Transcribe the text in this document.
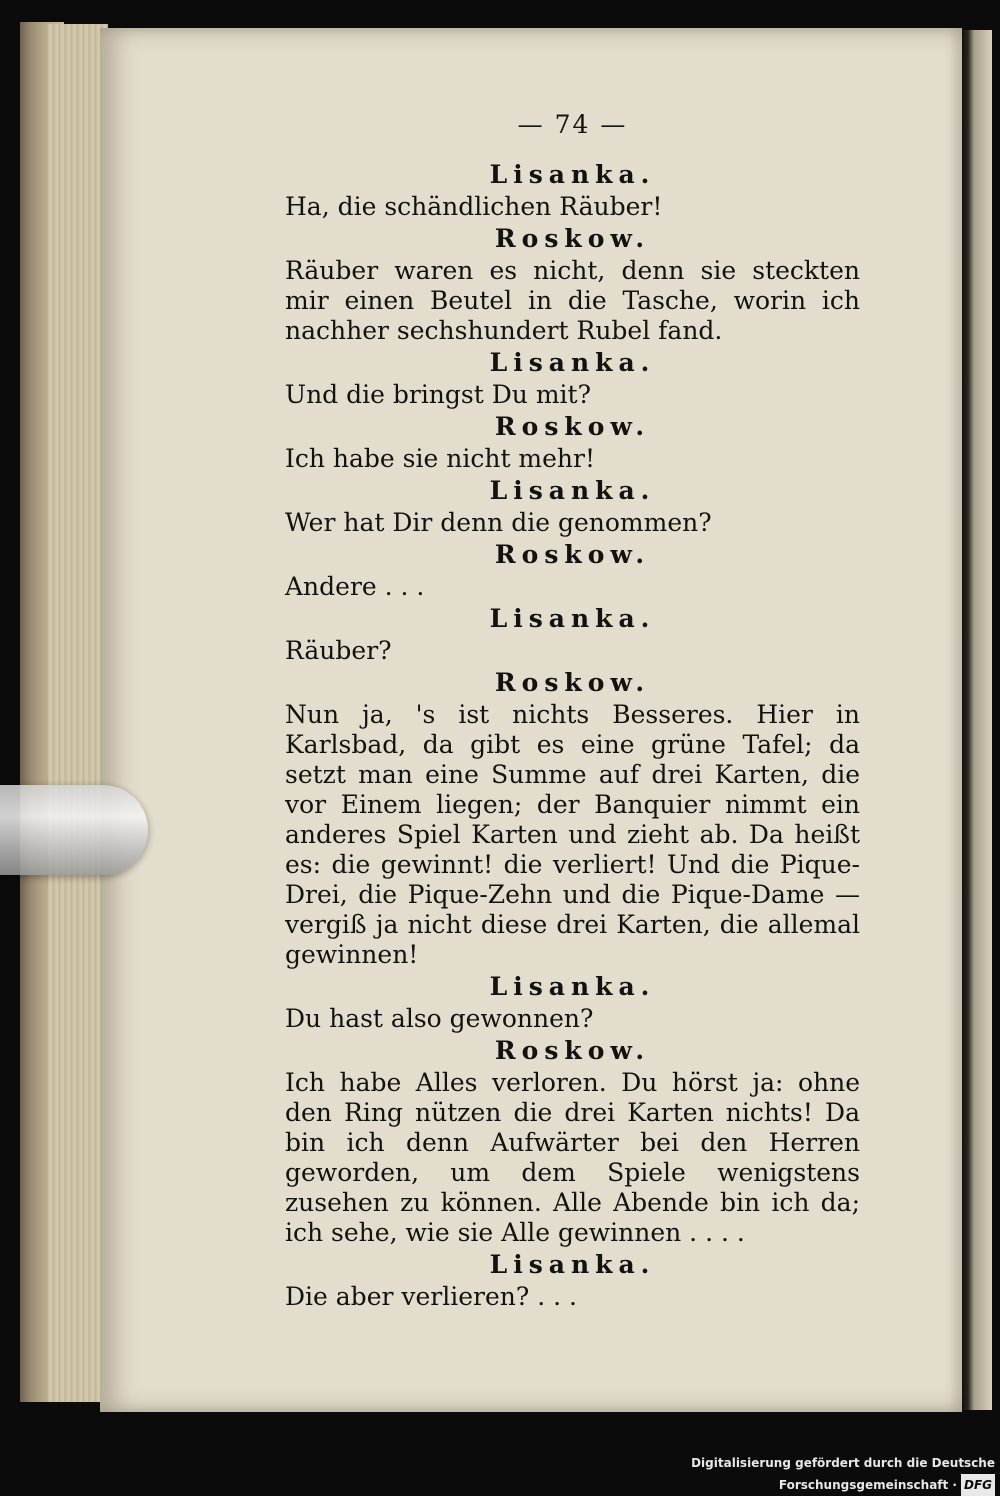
— 74 —
Lisanka.
Ha, die schändlichen Räuber!
Roskow.
Räuber waren es nicht, denn sie steckten mir einen Beutel in die Tasche, worin ich nachher sechshundert Rubel fand.
Lisanka.
Und die bringst Du mit?
Roskow.
Ich habe sie nicht mehr!
Lisanka.
Wer hat Dir denn die genommen?
Roskow.
Andere . . .
Lisanka.
Räuber?
Roskow.
Nun ja, 's ist nichts Besseres. Hier in Karlsbad, da gibt es eine grüne Tafel; da setzt man eine Summe auf drei Karten, die vor Einem liegen; der Banquier nimmt ein anderes Spiel Karten und zieht ab. Da heißt es: die gewinnt! die verliert! Und die Pique-Drei, die Pique-Zehn und die Pique-Dame — vergiß ja nicht diese drei Karten, die allemal gewinnen!
Lisanka.
Du hast also gewonnen?
Roskow.
Ich habe Alles verloren. Du hörst ja: ohne den Ring nützen die drei Karten nichts! Da bin ich denn Aufwärter bei den Herren geworden, um dem Spiele wenigstens zusehen zu können. Alle Abende bin ich da; ich sehe, wie sie Alle gewinnen . . . .
Lisanka.
Die aber verlieren? . . .
Digitalisierung gefördert durch die Deutsche Forschungsgemeinschaft · DFG
